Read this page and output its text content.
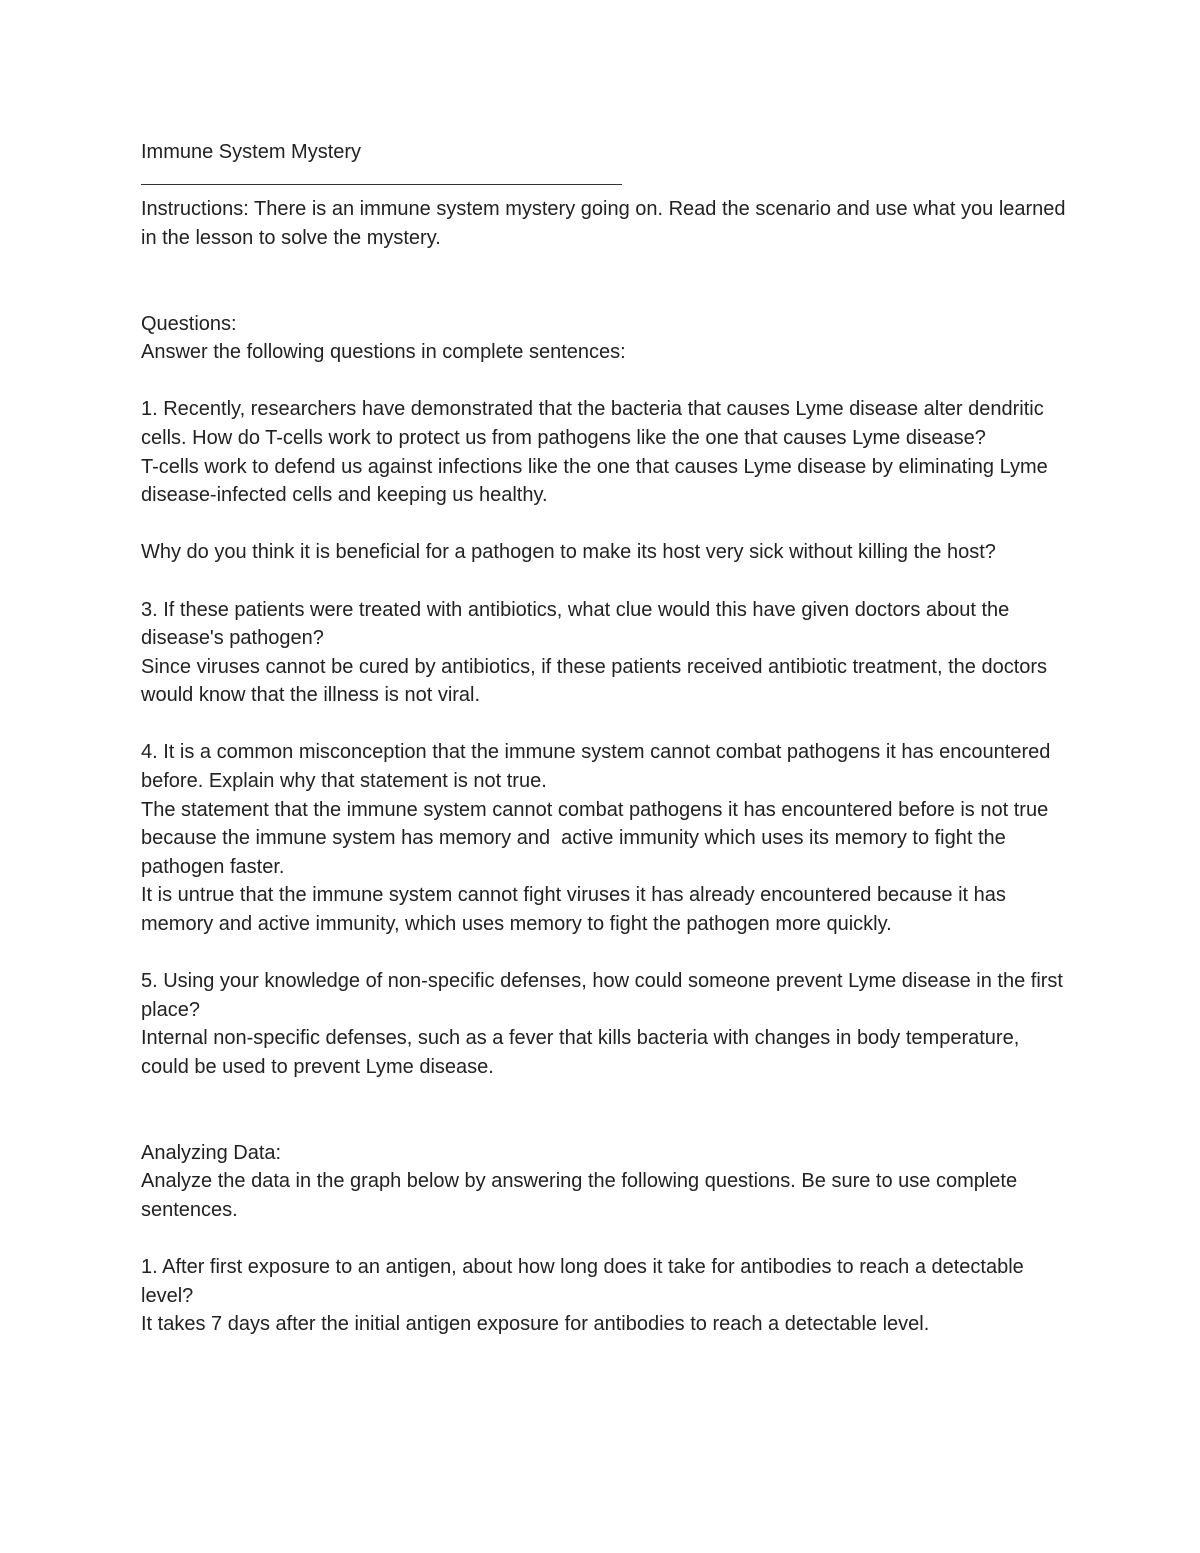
Immune System Mystery
Instructions: There is an immune system mystery going on. Read the scenario and use what you learned in the lesson to solve the mystery.
Questions:
Answer the following questions in complete sentences:
1. Recently, researchers have demonstrated that the bacteria that causes Lyme disease alter dendritic cells. How do T-cells work to protect us from pathogens like the one that causes Lyme disease?
T-cells work to defend us against infections like the one that causes Lyme disease by eliminating Lyme disease-infected cells and keeping us healthy.
Why do you think it is beneficial for a pathogen to make its host very sick without killing the host?
3. If these patients were treated with antibiotics, what clue would this have given doctors about the disease's pathogen?
Since viruses cannot be cured by antibiotics, if these patients received antibiotic treatment, the doctors would know that the illness is not viral.
4. It is a common misconception that the immune system cannot combat pathogens it has encountered before. Explain why that statement is not true.
The statement that the immune system cannot combat pathogens it has encountered before is not true because the immune system has memory and  active immunity which uses its memory to fight the pathogen faster.
It is untrue that the immune system cannot fight viruses it has already encountered because it has memory and active immunity, which uses memory to fight the pathogen more quickly.
5. Using your knowledge of non-specific defenses, how could someone prevent Lyme disease in the first place?
Internal non-specific defenses, such as a fever that kills bacteria with changes in body temperature, could be used to prevent Lyme disease.
Analyzing Data:
Analyze the data in the graph below by answering the following questions. Be sure to use complete sentences.
1. After first exposure to an antigen, about how long does it take for antibodies to reach a detectable level?
It takes 7 days after the initial antigen exposure for antibodies to reach a detectable level.
